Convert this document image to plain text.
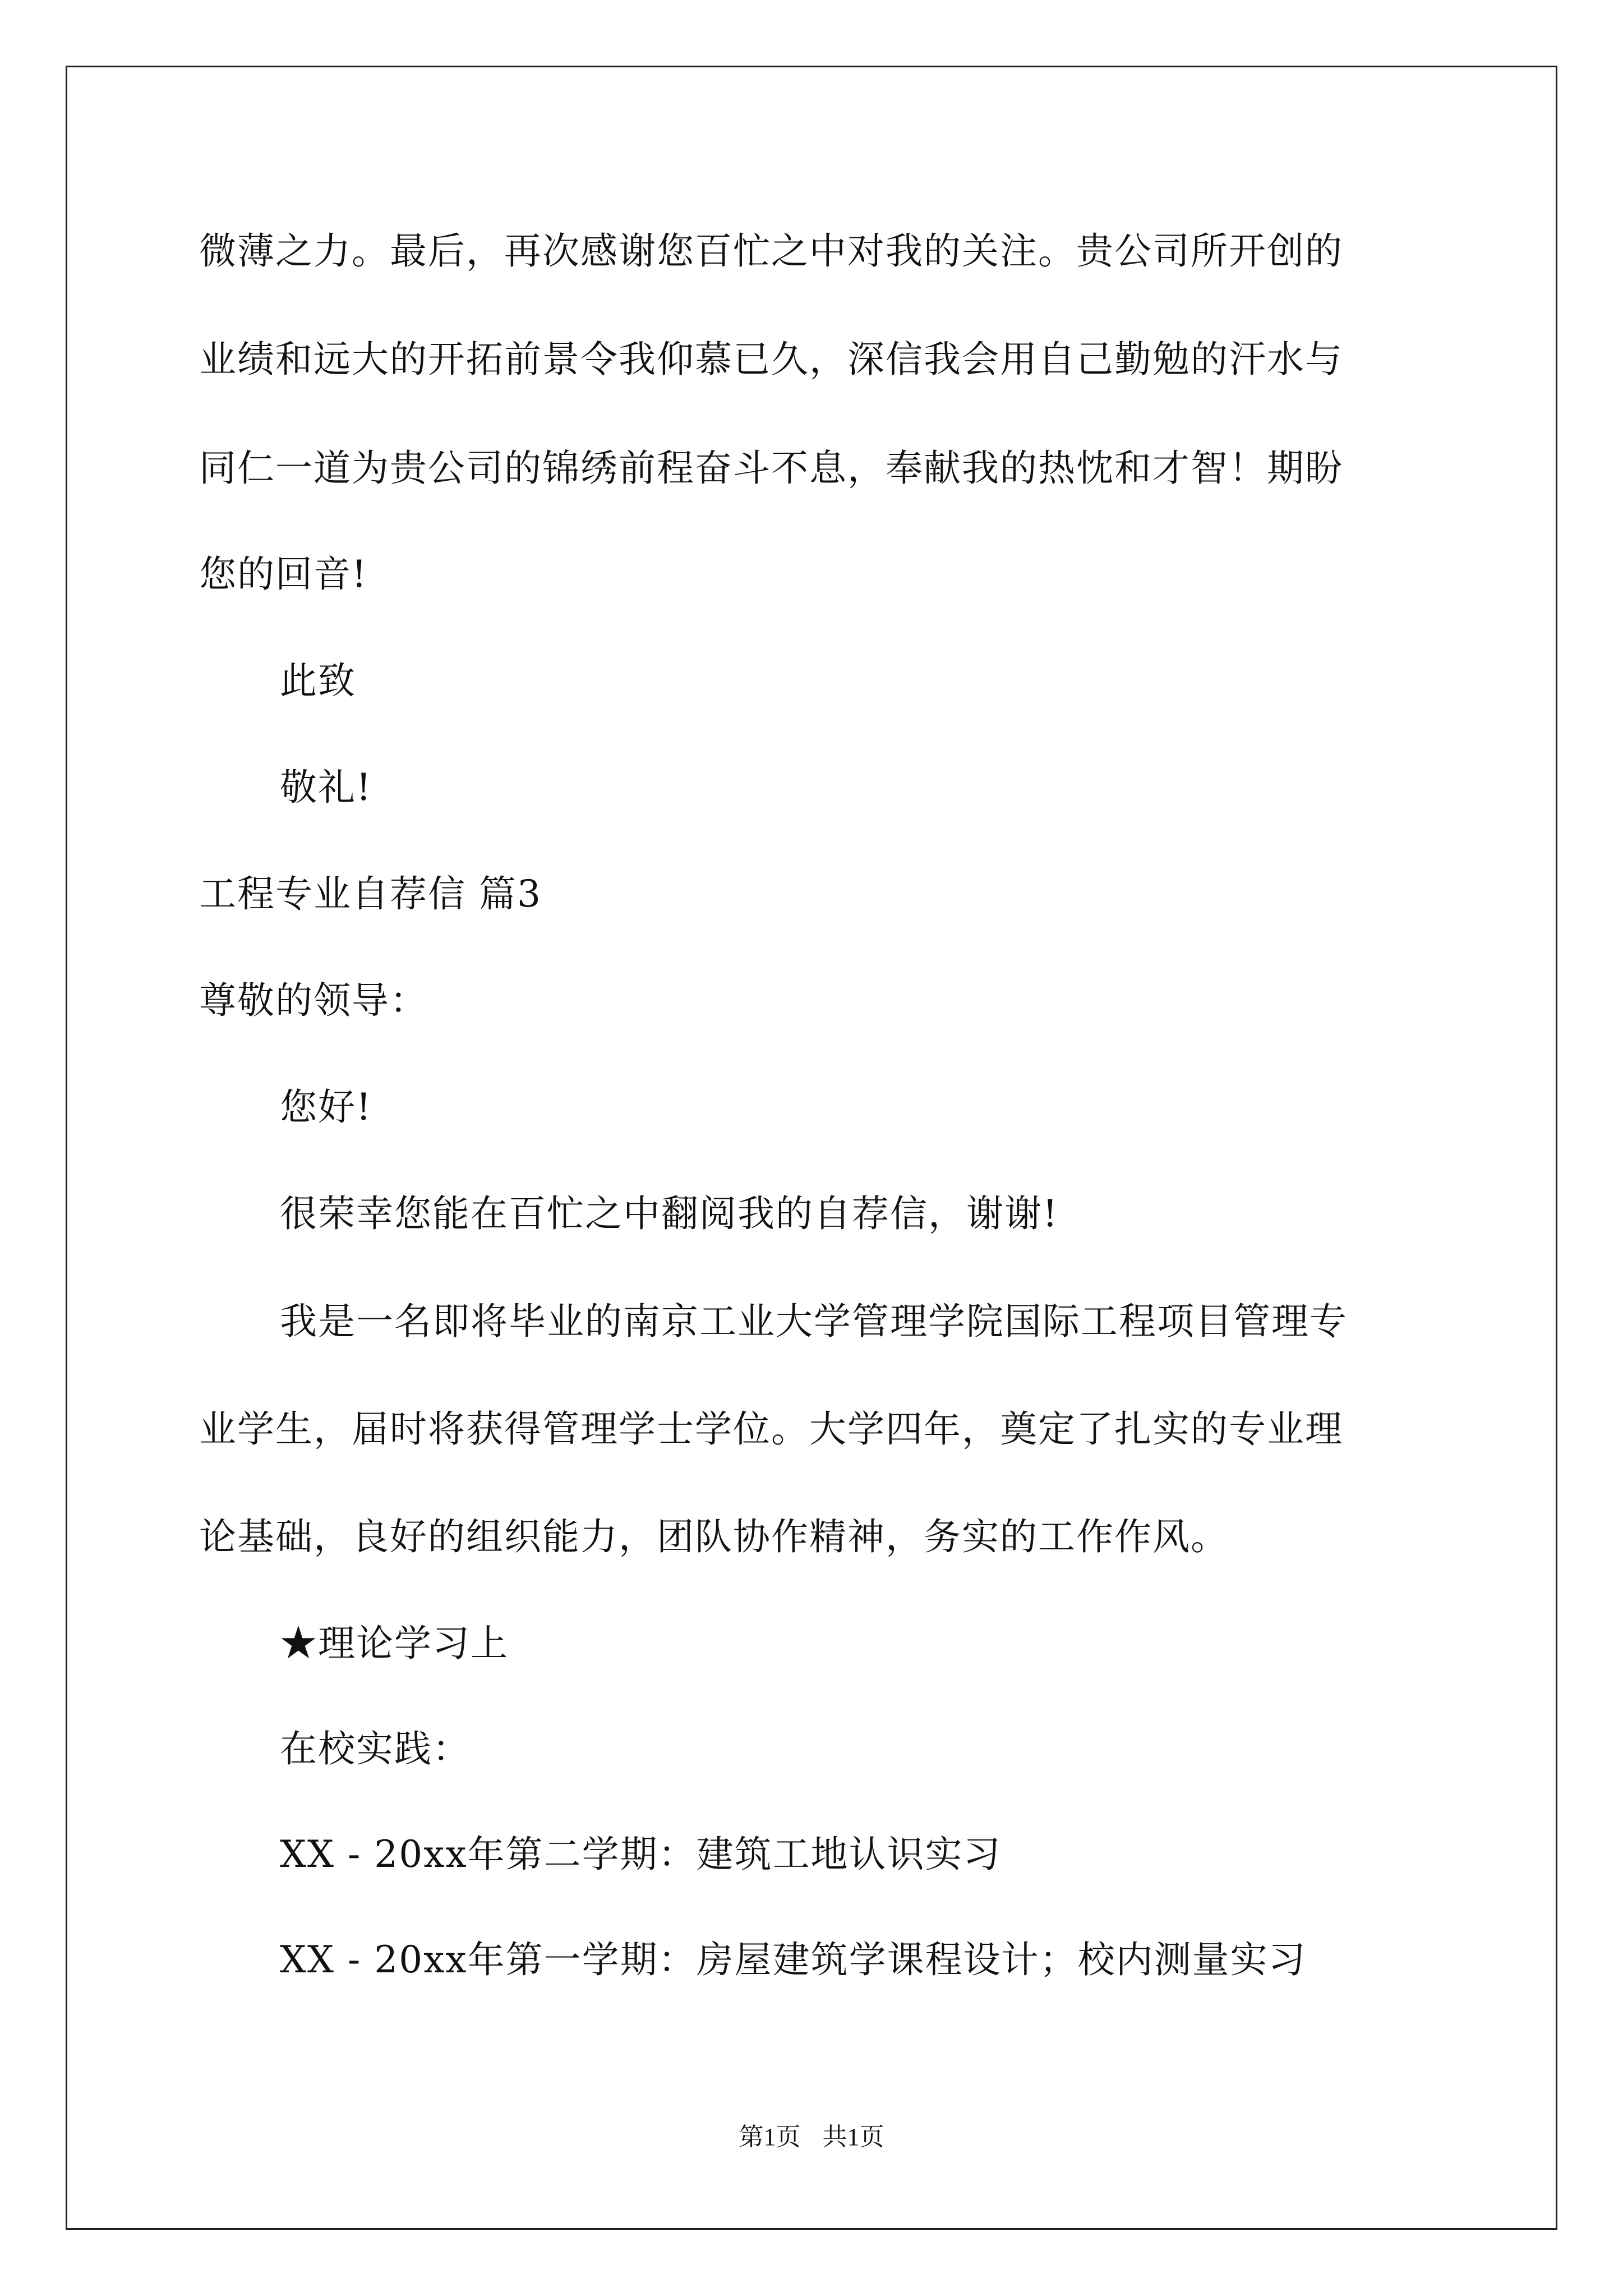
微薄之力。最后，再次感谢您百忙之中对我的关注。贵公司所开创的
业绩和远大的开拓前景令我仰慕已久，深信我会用自己勤勉的汗水与
同仁一道为贵公司的锦绣前程奋斗不息，奉献我的热忱和才智！期盼
您的回音!
此致
敬礼!
工程专业自荐信 篇3
尊敬的领导：
您好!
很荣幸您能在百忙之中翻阅我的自荐信，谢谢!
我是一名即将毕业的南京工业大学管理学院国际工程项目管理专
业学生，届时将获得管理学士学位。大学四年，奠定了扎实的专业理
论基础，良好的组织能力，团队协作精神，务实的工作作风。
★理论学习上
在校实践：
XX - 20xx年第二学期：建筑工地认识实习
XX - 20xx年第一学期：房屋建筑学课程设计；校内测量实习
第1页 共1页
